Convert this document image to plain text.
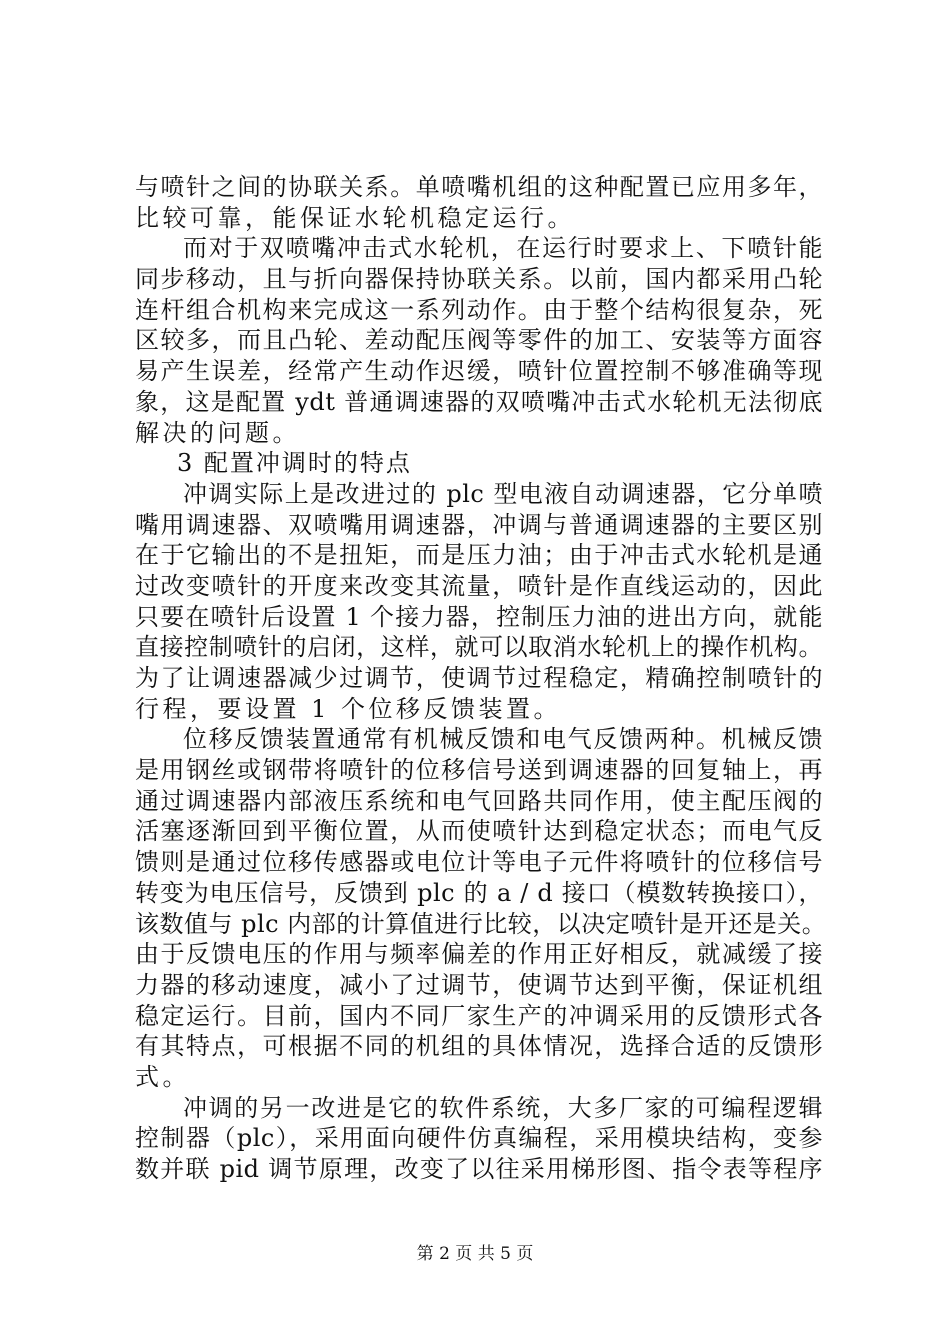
与喷针之间的协联关系。单喷嘴机组的这种配置已应用多年，
比较可靠，能保证水轮机稳定运行。
而对于双喷嘴冲击式水轮机，在运行时要求上、下喷针能
同步移动，且与折向器保持协联关系。以前，国内都采用凸轮
连杆组合机构来完成这一系列动作。由于整个结构很复杂，死
区较多，而且凸轮、差动配压阀等零件的加工、安装等方面容
易产生误差，经常产生动作迟缓，喷针位置控制不够准确等现
象，这是配置 ydt 普通调速器的双喷嘴冲击式水轮机无法彻底
解决的问题。
3 配置冲调时的特点
冲调实际上是改进过的 plc 型电液自动调速器，它分单喷
嘴用调速器、双喷嘴用调速器，冲调与普通调速器的主要区别
在于它输出的不是扭矩，而是压力油；由于冲击式水轮机是通
过改变喷针的开度来改变其流量，喷针是作直线运动的，因此
只要在喷针后设置 1 个接力器，控制压力油的进出方向，就能
直接控制喷针的启闭，这样，就可以取消水轮机上的操作机构。
为了让调速器减少过调节，使调节过程稳定，精确控制喷针的
行程，要设置 1 个位移反馈装置。
位移反馈装置通常有机械反馈和电气反馈两种。机械反馈
是用钢丝或钢带将喷针的位移信号送到调速器的回复轴上，再
通过调速器内部液压系统和电气回路共同作用，使主配压阀的
活塞逐渐回到平衡位置，从而使喷针达到稳定状态；而电气反
馈则是通过位移传感器或电位计等电子元件将喷针的位移信号
转变为电压信号，反馈到 plc 的 a / d 接口（模数转换接口），
该数值与 plc 内部的计算值进行比较，以决定喷针是开还是关。
由于反馈电压的作用与频率偏差的作用正好相反，就减缓了接
力器的移动速度，减小了过调节，使调节达到平衡，保证机组
稳定运行。目前，国内不同厂家生产的冲调采用的反馈形式各
有其特点，可根据不同的机组的具体情况，选择合适的反馈形
式。
冲调的另一改进是它的软件系统，大多厂家的可编程逻辑
控制器（plc），采用面向硬件仿真编程，采用模块结构，变参
数并联 pid 调节原理，改变了以往采用梯形图、指令表等程序
第 2 页 共 5 页
